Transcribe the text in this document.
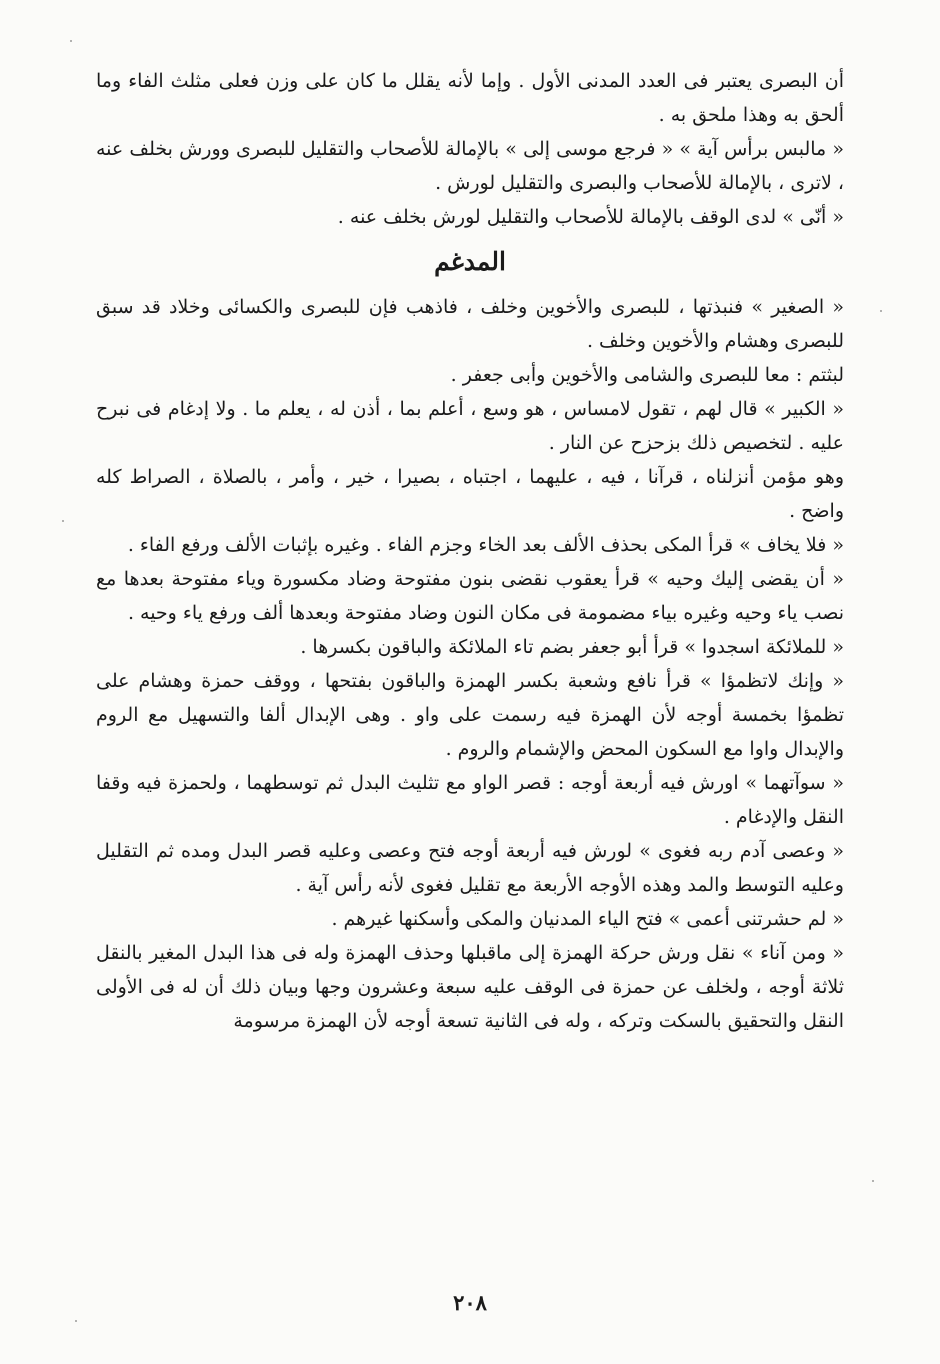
أن البصرى يعتبر فى العدد المدنى الأول . وإما لأنه يقلل ما كان على وزن فعلى مثلث الفاء وما ألحق به وهذا ملحق به .

« مالبس برأس آية » « فرجع موسى إلى » بالإمالة للأصحاب والتقليل للبصرى وورش بخلف عنه ، لاترى ، بالإمالة للأصحاب والبصرى والتقليل لورش .

« أنّى » لدى الوقف بالإمالة للأصحاب والتقليل لورش بخلف عنه .

المدغم

« الصغير » فنبذتها ، للبصرى والأخوين وخلف ، فاذهب فإن للبصرى والكسائى وخلاد قد سبق للبصرى وهشام والأخوين وخلف .

لبثتم : معا للبصرى والشامى والأخوين وأبى جعفر .

« الكبير » قال لهم ، تقول لامساس ، هو وسع ، أعلم بما ، أذن له ، يعلم ما . ولا إدغام فى نبرح عليه . لتخصيص ذلك بزحزح عن النار .

وهو مؤمن أنزلناه ، قرآنا ، فيه ، عليهما ، اجتباه ، بصيرا ، خير ، وأمر ، بالصلاة ، الصراط كله واضح .

« فلا يخاف » قرأ المكى بحذف الألف بعد الخاء وجزم الفاء . وغيره بإثبات الألف ورفع الفاء .

« أن يقضى إليك وحيه » قرأ يعقوب نقضى بنون مفتوحة وضاد مكسورة وياء مفتوحة بعدها مع نصب ياء وحيه وغيره بياء مضمومة فى مكان النون وضاد مفتوحة وبعدها ألف ورفع ياء وحيه .

« للملائكة اسجدوا » قرأ أبو جعفر بضم تاء الملائكة والباقون بكسرها .

« وإنك لاتظمؤا » قرأ نافع وشعبة بكسر الهمزة والباقون بفتحها ، ووقف حمزة وهشام على تظمؤا بخمسة أوجه لأن الهمزة فيه رسمت على واو . وهى الإبدال ألفا والتسهيل مع الروم والإبدال واوا مع السكون المحض والإشمام والروم .

« سوآتهما » اورش فيه أربعة أوجه : قصر الواو مع تثليث البدل ثم توسطهما ، ولحمزة فيه وقفا النقل والإدغام .

« وعصى آدم ربه فغوى » لورش فيه أربعة أوجه فتح وعصى وعليه قصر البدل ومده ثم التقليل وعليه التوسط والمد وهذه الأوجه الأربعة مع تقليل فغوى لأنه رأس آية .

« لم حشرتنى أعمى » فتح الياء المدنيان والمكى وأسكنها غيرهم .

« ومن آناء » نقل ورش حركة الهمزة إلى ماقبلها وحذف الهمزة وله فى هذا البدل المغير بالنقل ثلاثة أوجه ، ولخلف عن حمزة فى الوقف عليه سبعة وعشرون وجها وبيان ذلك أن له فى الأولى النقل والتحقيق بالسكت وتركه ، وله فى الثانية تسعة أوجه لأن الهمزة مرسومة

٢٠٨
